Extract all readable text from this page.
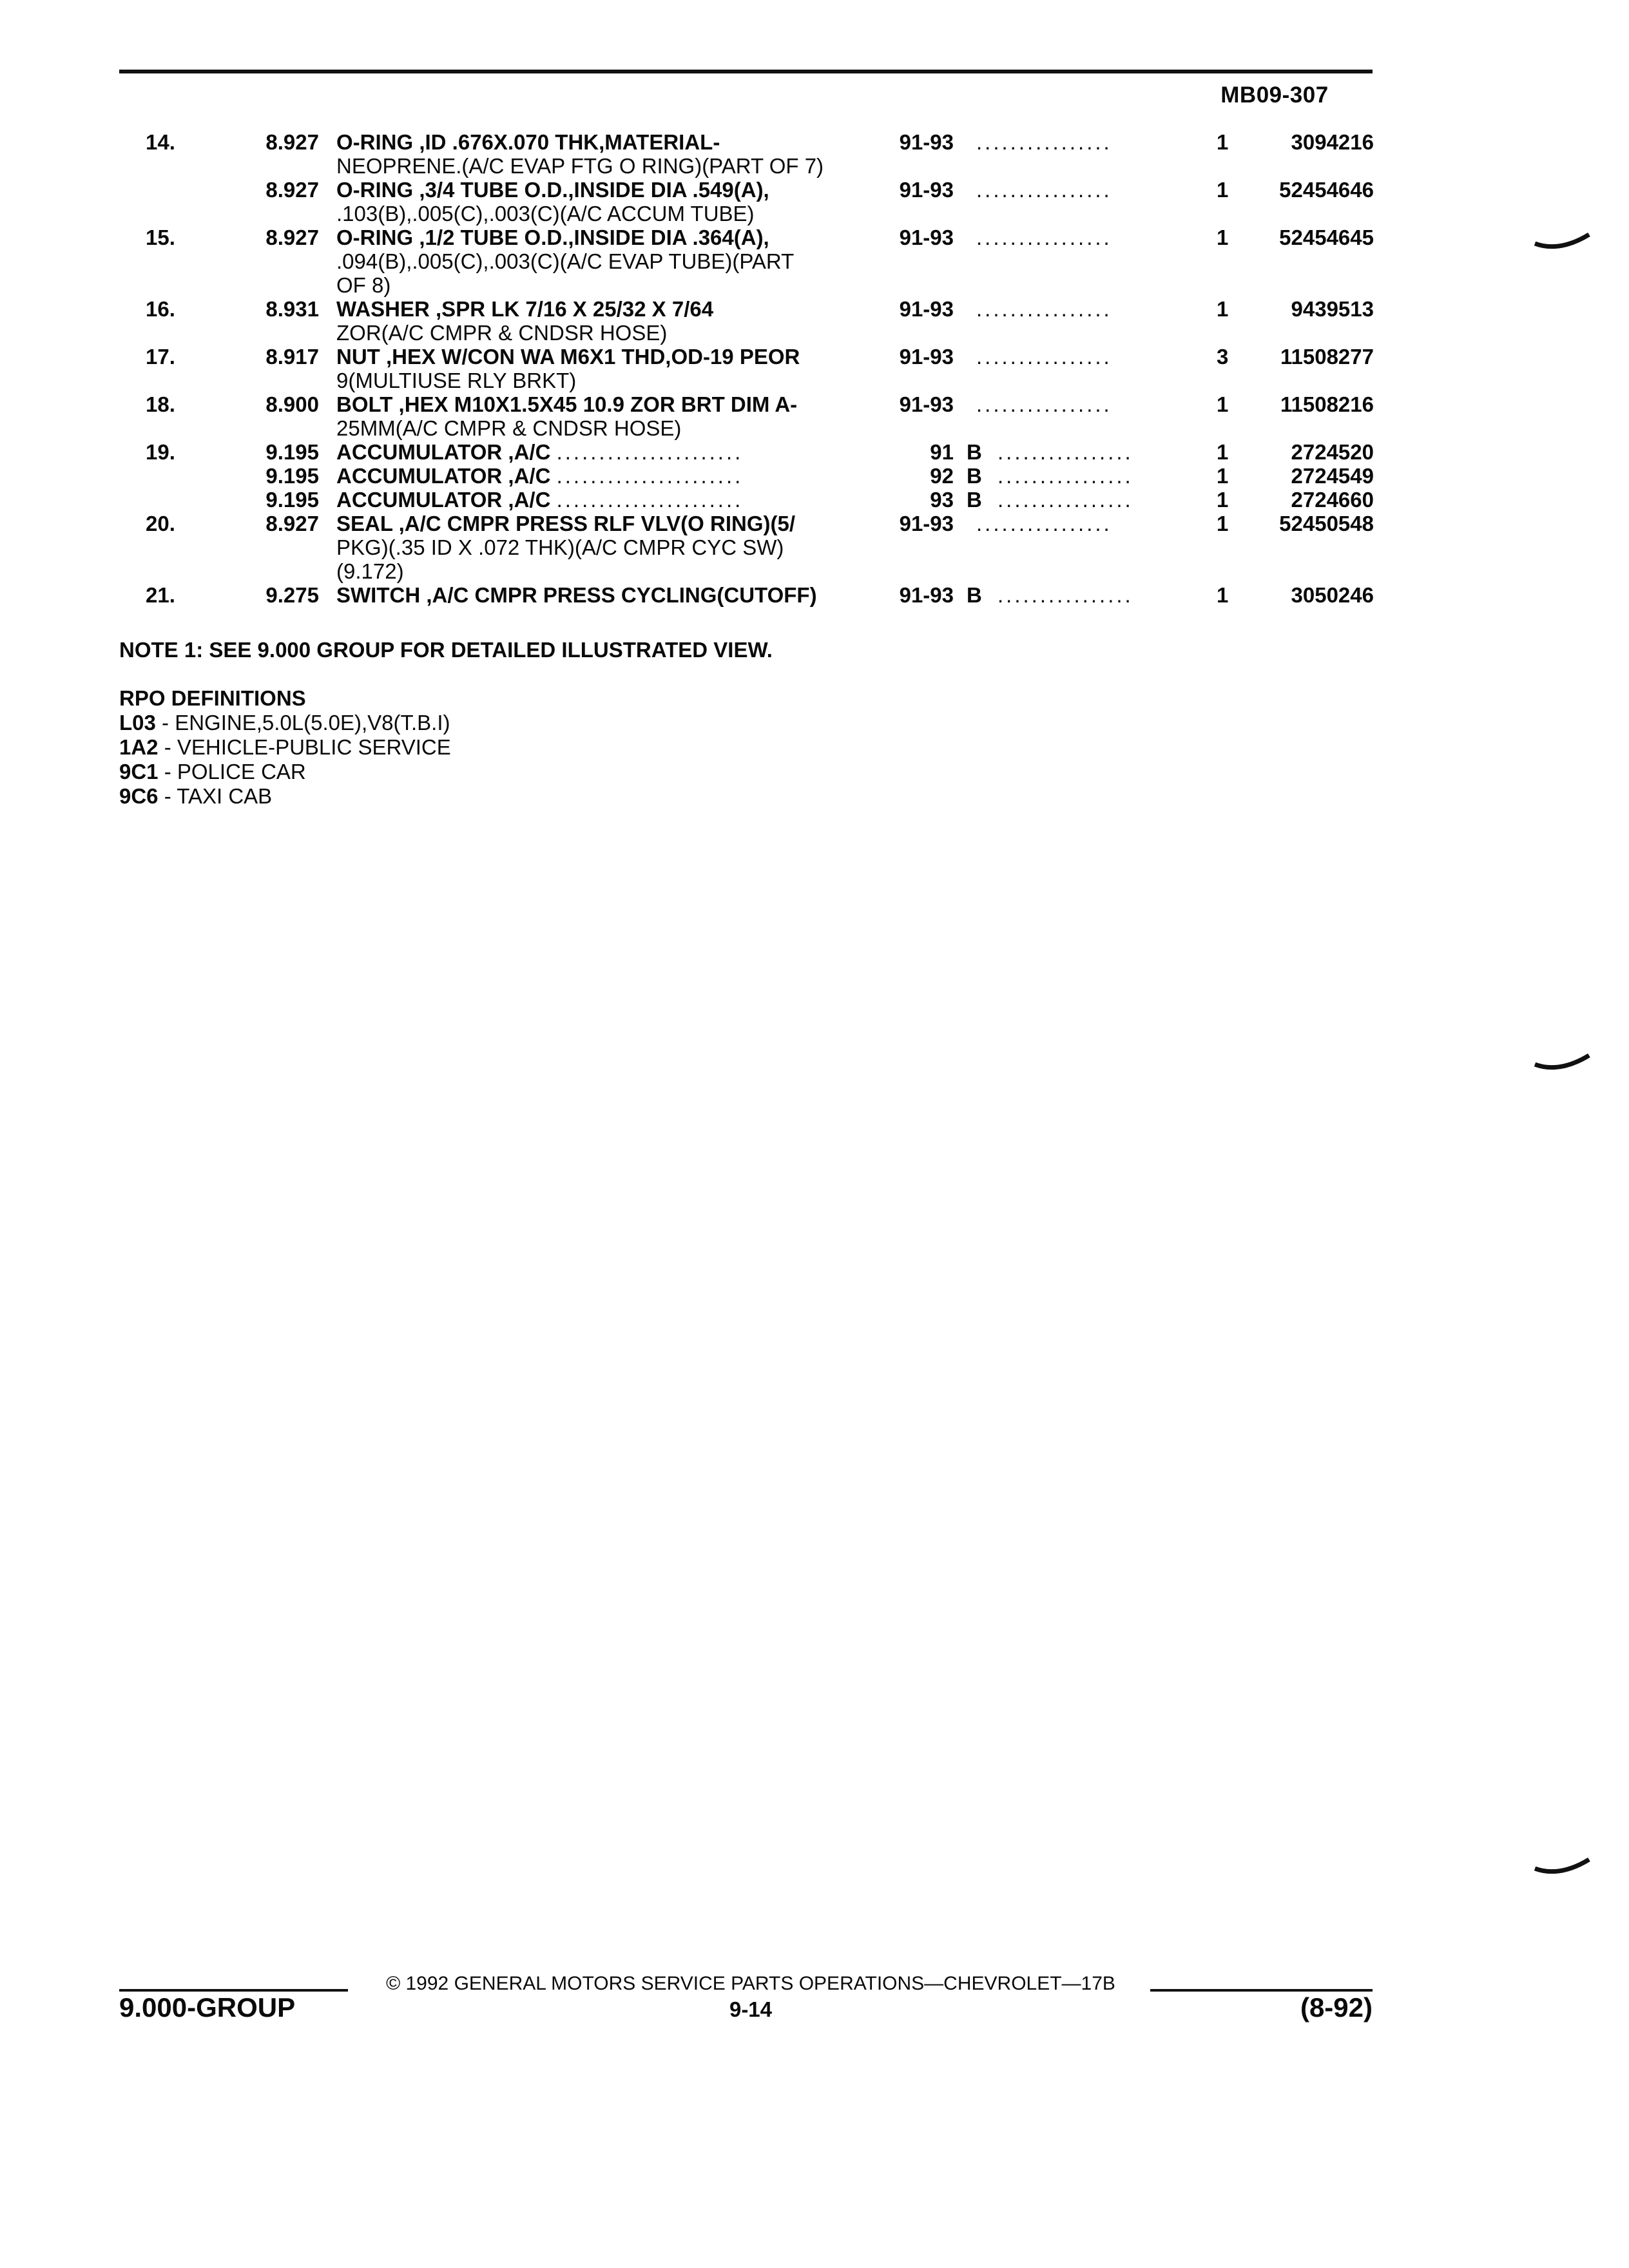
MB09-307
14.	8.927 O-RING ,ID .676X.070 THK,MATERIAL-	91-93 ................	1	3094216
NEOPRENE.(A/C EVAP FTG O RING)(PART OF 7)
8.927 O-RING ,3/4 TUBE O.D.,INSIDE DIA .549(A),	91-93 ................	1	52454646
.103(B),.005(C),.003(C)(A/C ACCUM TUBE)
15.	8.927 O-RING ,1/2 TUBE O.D.,INSIDE DIA .364(A),	91-93 ................	1	52454645
.094(B),.005(C),.003(C)(A/C EVAP TUBE)(PART
OF 8)
16.	8.931 WASHER ,SPR LK 7/16 X 25/32 X 7/64	91-93 ................	1	9439513
ZOR(A/C CMPR & CNDSR HOSE)
17.	8.917 NUT ,HEX W/CON WA M6X1 THD,OD-19 PEOR	91-93 ................	3	11508277
9(MULTIUSE RLY BRKT)
18.	8.900 BOLT ,HEX M10X1.5X45 10.9 ZOR BRT DIM A-	91-93 ................	1	11508216
25MM(A/C CMPR & CNDSR HOSE)
19.	9.195 ACCUMULATOR ,A/C ......................	91 B ................	1	2724520
9.195 ACCUMULATOR ,A/C ......................	92 B ................	1	2724549
9.195 ACCUMULATOR ,A/C ......................	93 B ................	1	2724660
20.	8.927 SEAL ,A/C CMPR PRESS RLF VLV(O RING)(5/	91-93 ................	1	52450548
PKG)(.35 ID X .072 THK)(A/C CMPR CYC SW)
(9.172)
21.	9.275 SWITCH ,A/C CMPR PRESS CYCLING(CUTOFF)	91-93 B ................	1	3050246
NOTE 1: SEE 9.000 GROUP FOR DETAILED ILLUSTRATED VIEW.
RPO DEFINITIONS
L03 - ENGINE,5.0L(5.0E),V8(T.B.I)
1A2 - VEHICLE-PUBLIC SERVICE
9C1 - POLICE CAR
9C6 - TAXI CAB
© 1992 GENERAL MOTORS SERVICE PARTS OPERATIONS—CHEVROLET—17B
9.000-GROUP	9-14	(8-92)
